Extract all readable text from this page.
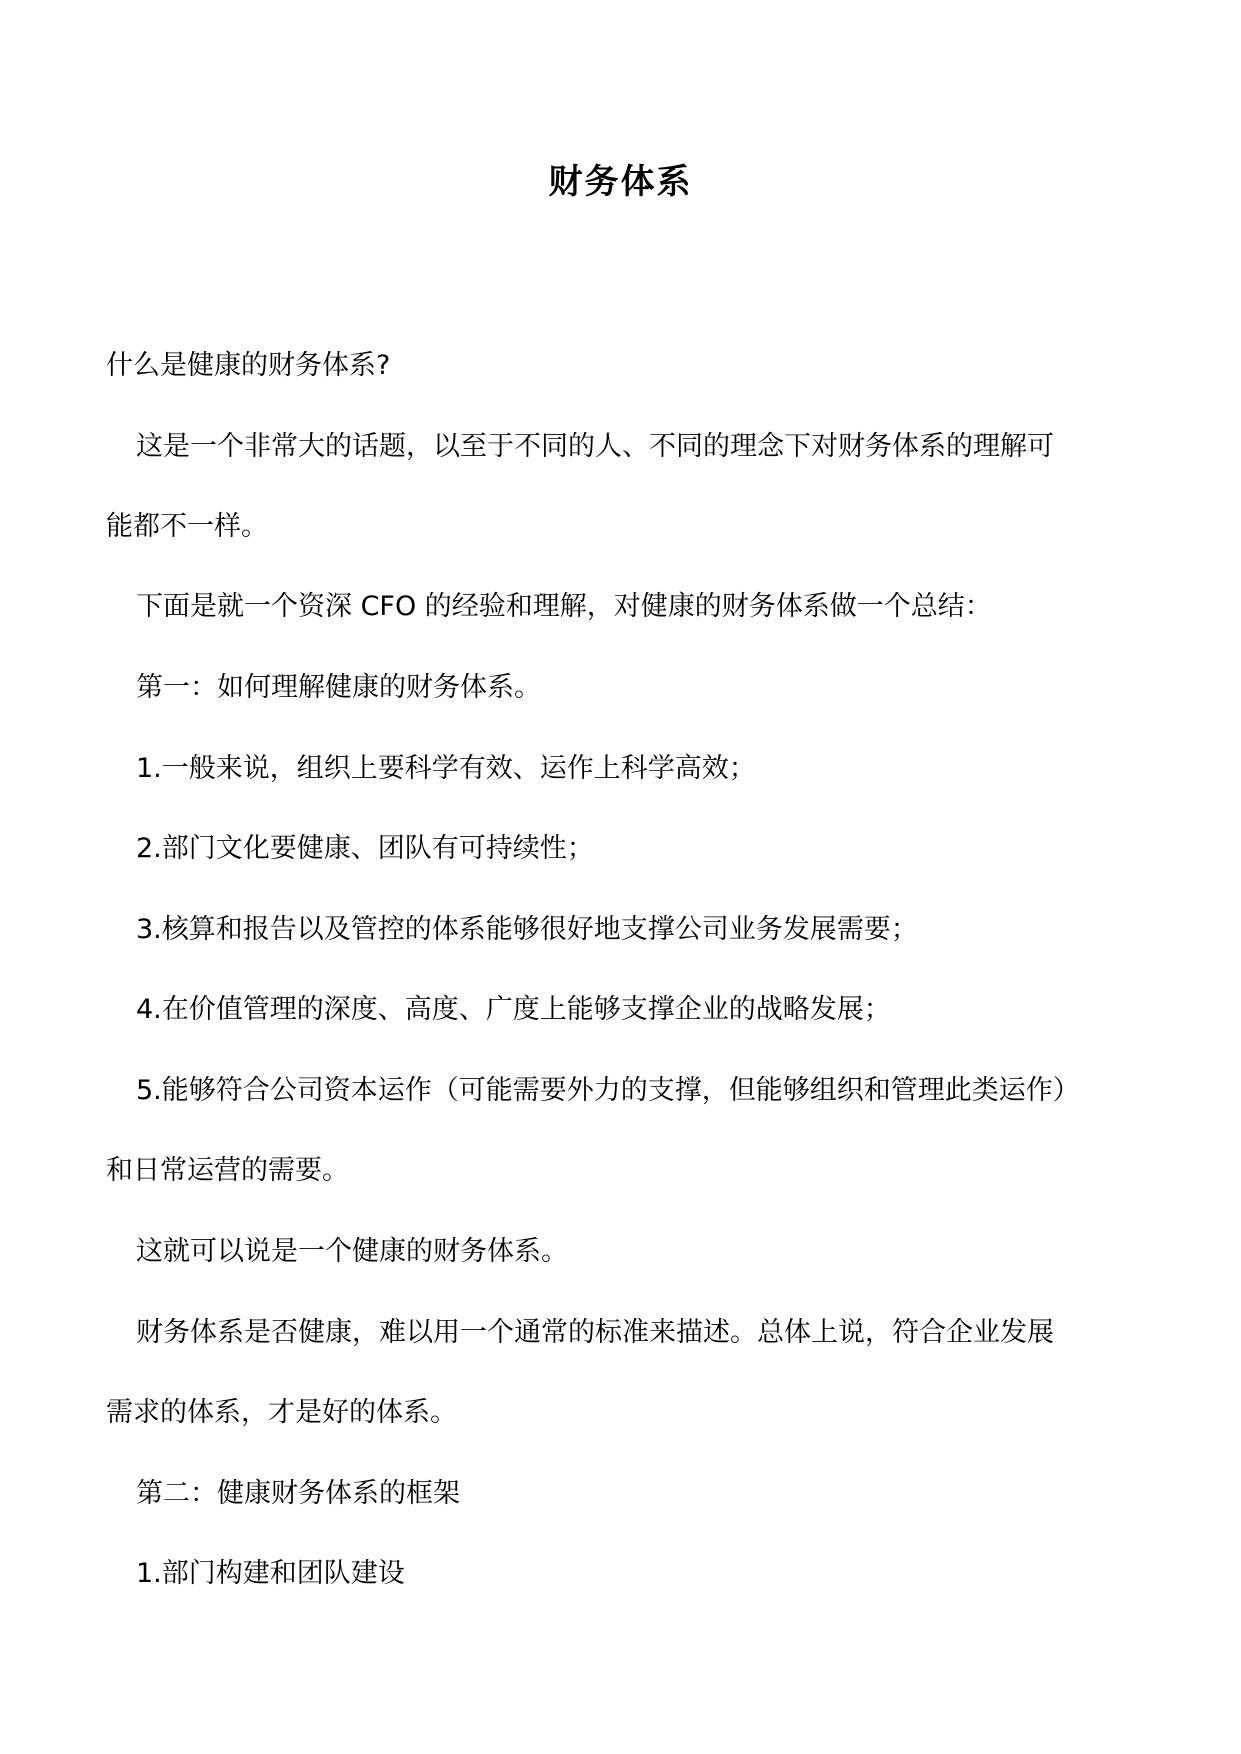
财务体系
什么是健康的财务体系?
这是一个非常大的话题，以至于不同的人、不同的理念下对财务体系的理解可
能都不一样。
下面是就一个资深 CFO 的经验和理解，对健康的财务体系做一个总结：
第一：如何理解健康的财务体系。
1.一般来说，组织上要科学有效、运作上科学高效；
2.部门文化要健康、团队有可持续性；
3.核算和报告以及管控的体系能够很好地支撑公司业务发展需要；
4.在价值管理的深度、高度、广度上能够支撑企业的战略发展；
5.能够符合公司资本运作（可能需要外力的支撑，但能够组织和管理此类运作）
和日常运营的需要。
这就可以说是一个健康的财务体系。
财务体系是否健康，难以用一个通常的标准来描述。总体上说，符合企业发展
需求的体系，才是好的体系。
第二：健康财务体系的框架
1.部门构建和团队建设
